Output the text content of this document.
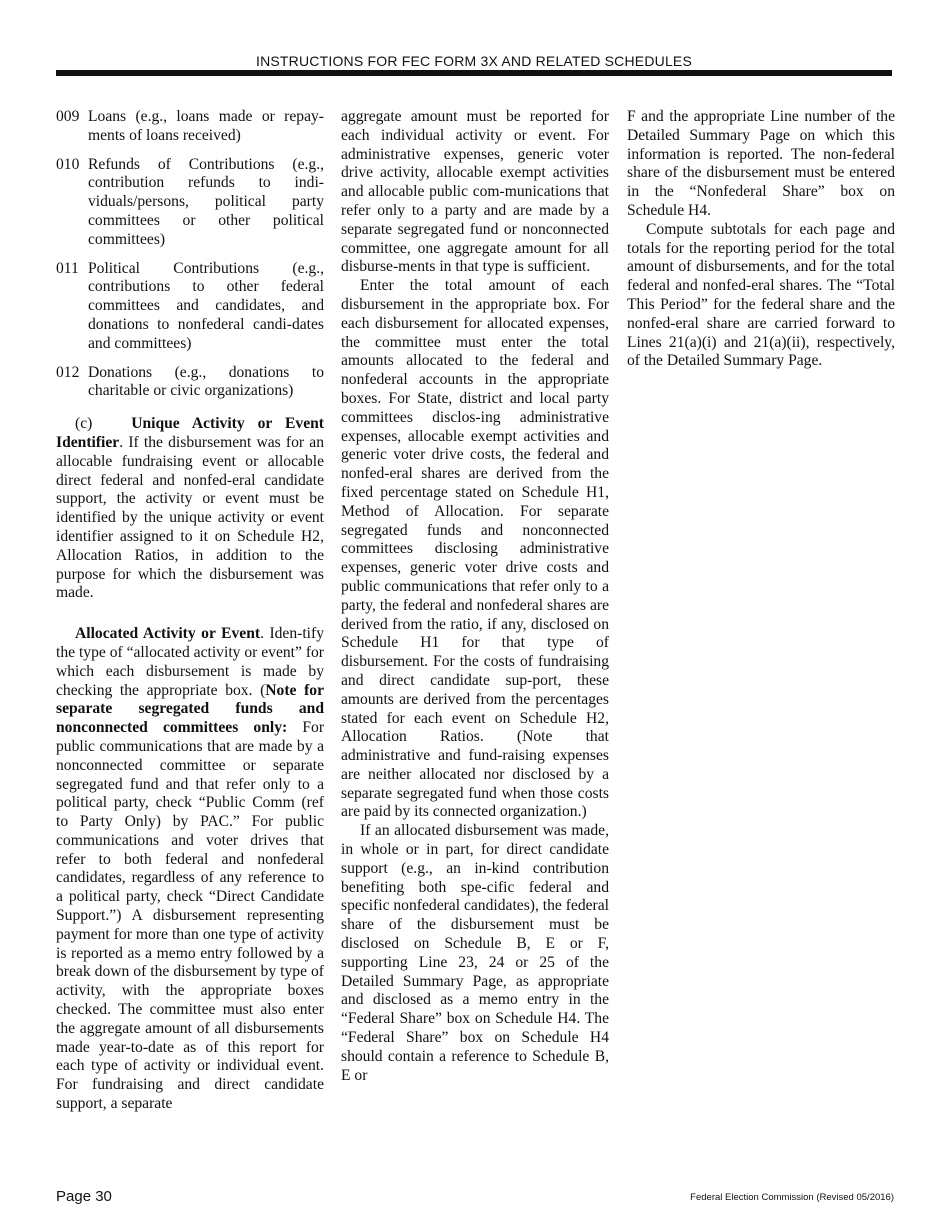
INSTRUCTIONS FOR FEC FORM 3X AND RELATED SCHEDULES

009 Loans (e.g., loans made or repay-ments of loans received)

010 Refunds of Contributions (e.g., contribution refunds to indi-viduals/persons, political party committees or other political committees)

011 Political Contributions (e.g., contributions to other federal committees and candidates, and donations to nonfederal candi-dates and committees)

012 Donations (e.g., donations to charitable or civic organizations)

(c) Unique Activity or Event Identifier. If the disbursement was for an allocable fundraising event or allocable direct federal and nonfed-eral candidate support, the activity or event must be identified by the unique activity or event identifier assigned to it on Schedule H2, Allocation Ratios, in addition to the purpose for which the disbursement was made.

Allocated Activity or Event. Iden-tify the type of “allocated activity or event” for which each disbursement is made by checking the appropriate box. (Note for separate segregated funds and nonconnected committees only: For public communications that are made by a nonconnected committee or separate segregated fund and that refer only to a political party, check “Public Comm (ref to Party Only) by PAC.” For public communications and voter drives that refer to both federal and nonfederal candidates, regardless of any reference to a political party, check “Direct Candidate Support.”) A disbursement representing payment for more than one type of activity is reported as a memo entry followed by a break down of the disbursement by type of activity, with the appropriate boxes checked. The committee must also enter the aggregate amount of all disbursements made year-to-date as of this report for each type of activity or individual event. For fundraising and direct candidate support, a separate

aggregate amount must be reported for each individual activity or event. For administrative expenses, generic voter drive activity, allocable exempt activities and allocable public com-munications that refer only to a party and are made by a separate segregated fund or nonconnected committee, one aggregate amount for all disburse-ments in that type is sufficient.

Enter the total amount of each disbursement in the appropriate box. For each disbursement for allocated expenses, the committee must enter the total amounts allocated to the federal and nonfederal accounts in the appropriate boxes. For State, district and local party committees disclos-ing administrative expenses, allocable exempt activities and generic voter drive costs, the federal and nonfed-eral shares are derived from the fixed percentage stated on Schedule H1, Method of Allocation. For separate segregated funds and nonconnected committees disclosing administrative expenses, generic voter drive costs and public communications that refer only to a party, the federal and nonfederal shares are derived from the ratio, if any, disclosed on Schedule H1 for that type of disbursement. For the costs of fundraising and direct candidate sup-port, these amounts are derived from the percentages stated for each event on Schedule H2, Allocation Ratios. (Note that administrative and fund-raising expenses are neither allocated nor disclosed by a separate segregated fund when those costs are paid by its connected organization.)

If an allocated disbursement was made, in whole or in part, for direct candidate support (e.g., an in-kind contribution benefiting both spe-cific federal and specific nonfederal candidates), the federal share of the disbursement must be disclosed on Schedule B, E or F, supporting Line 23, 24 or 25 of the Detailed Summary Page, as appropriate and disclosed as a memo entry in the “Federal Share” box on Schedule H4. The “Federal Share” box on Schedule H4 should contain a reference to Schedule B, E or

F and the appropriate Line number of the Detailed Summary Page on which this information is reported. The non-federal share of the disbursement must be entered in the “Nonfederal Share” box on Schedule H4.

Compute subtotals for each page and totals for the reporting period for the total amount of disbursements, and for the total federal and nonfed-eral shares. The “Total This Period” for the federal share and the nonfed-eral share are carried forward to Lines 21(a)(i) and 21(a)(ii), respectively, of the Detailed Summary Page.

Page 30	Federal Election Commission (Revised 05/2016)
